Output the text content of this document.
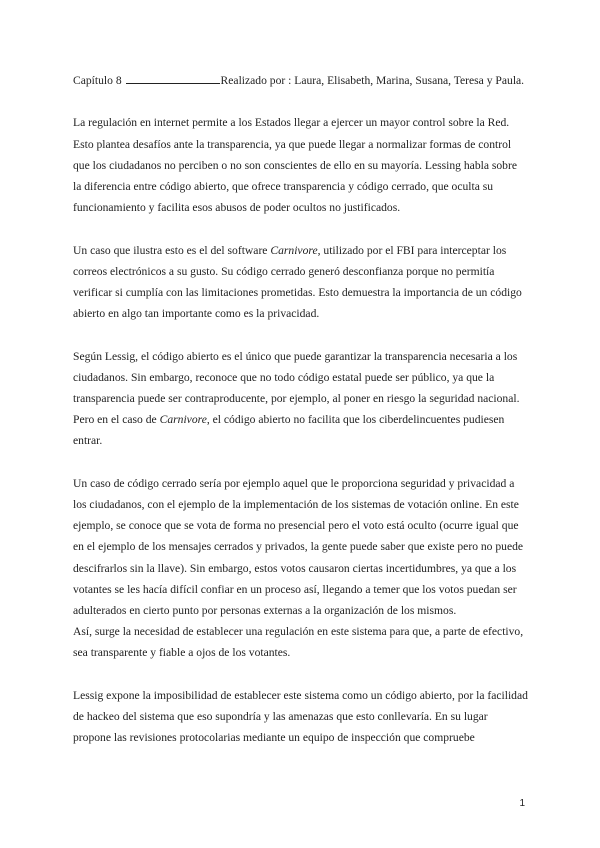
Capítulo 8	Realizado por : Laura, Elisabeth, Marina, Susana, Teresa y Paula.

La regulación en internet permite a los Estados llegar a ejercer un mayor control sobre la Red. Esto plantea desafíos ante la transparencia, ya que puede llegar a normalizar formas de control que los ciudadanos no perciben o no son conscientes de ello en su mayoría. Lessing habla sobre la diferencia entre código abierto, que ofrece transparencia y código cerrado, que oculta su funcionamiento y facilita esos abusos de poder ocultos no justificados.

Un caso que ilustra esto es el del software Carnivore, utilizado por el FBI para interceptar los correos electrónicos a su gusto. Su código cerrado generó desconfianza porque no permitía verificar si cumplía con las limitaciones prometidas. Esto demuestra la importancia de un código abierto en algo tan importante como es la privacidad.

Según Lessig, el código abierto es el único que puede garantizar la transparencia necesaria a los ciudadanos. Sin embargo, reconoce que no todo código estatal puede ser público, ya que la transparencia puede ser contraproducente, por ejemplo, al poner en riesgo la seguridad nacional. Pero en el caso de Carnivore, el código abierto no facilita que los ciberdelincuentes pudiesen entrar.

Un caso de código cerrado sería por ejemplo aquel que le proporciona seguridad y privacidad a los ciudadanos, con el ejemplo de la implementación de los sistemas de votación online. En este ejemplo, se conoce que se vota de forma no presencial pero el voto está oculto (ocurre igual que en el ejemplo de los mensajes cerrados y privados, la gente puede saber que existe pero no puede descifrarlos sin la llave). Sin embargo, estos votos causaron ciertas incertidumbres, ya que a los votantes se les hacía difícil confiar en un proceso así, llegando a temer que los votos puedan ser adulterados en cierto punto por personas externas a la organización de los mismos.

Así, surge la necesidad de establecer una regulación en este sistema para que, a parte de efectivo, sea transparente y fiable a ojos de los votantes.

Lessig expone la imposibilidad de establecer este sistema como un código abierto, por la facilidad de hackeo del sistema que eso supondría y las amenazas que esto conllevaría. En su lugar propone las revisiones protocolarias mediante un equipo de inspección que compruebe

1
